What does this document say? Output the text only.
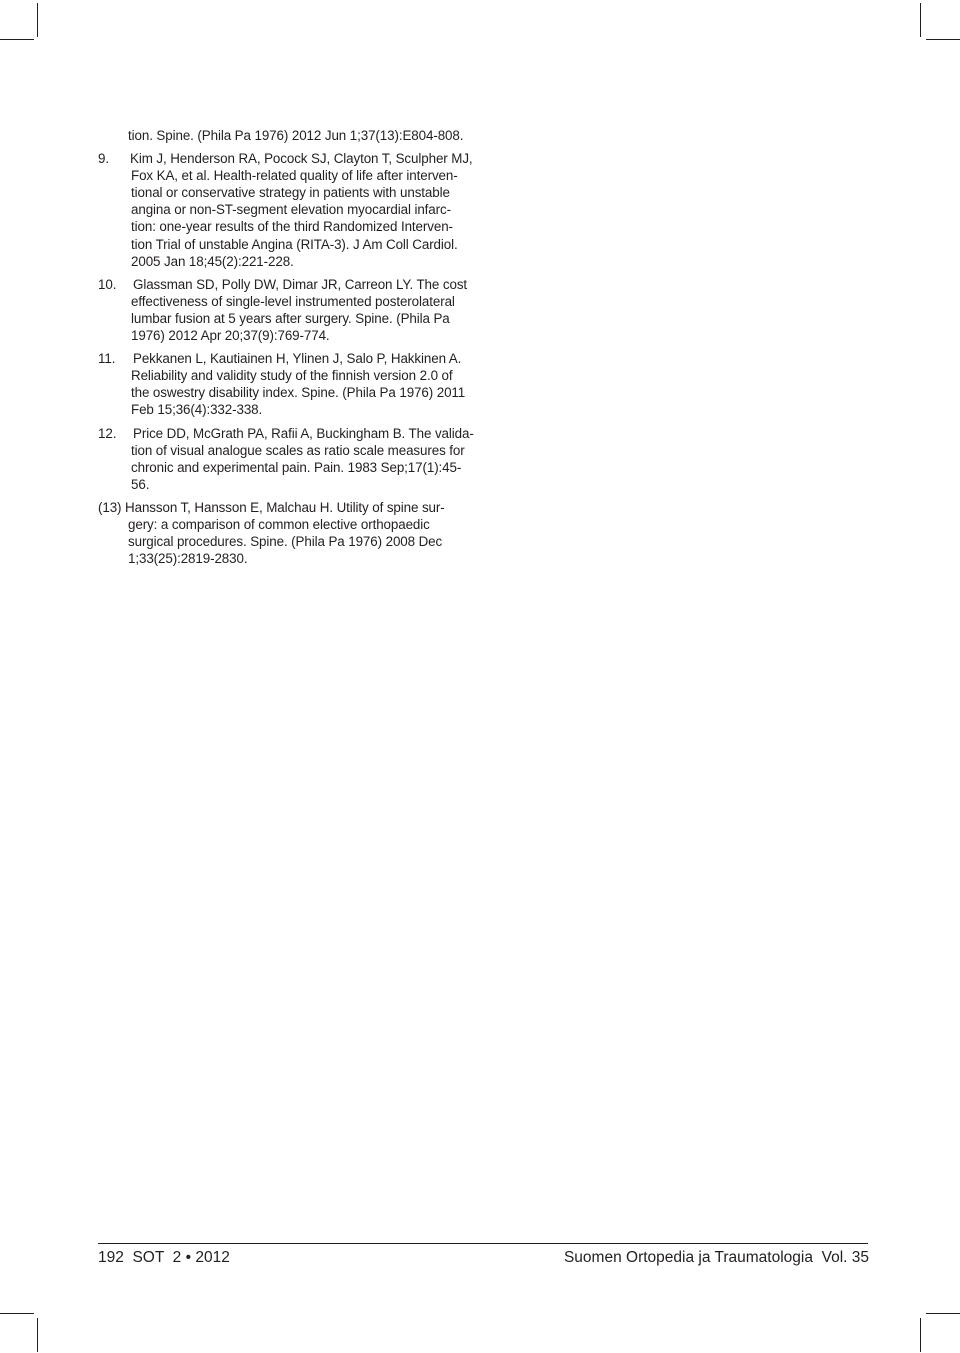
tion. Spine. (Phila Pa 1976) 2012 Jun 1;37(13):E804-808.
9. Kim J, Henderson RA, Pocock SJ, Clayton T, Sculpher MJ,
Fox KA, et al. Health-related quality of life after interven-
tional or conservative strategy in patients with unstable
angina or non-ST-segment elevation myocardial infarc-
tion: one-year results of the third Randomized Interven-
tion Trial of unstable Angina (RITA-3). J Am Coll Cardiol.
2005 Jan 18;45(2):221-228.
10. Glassman SD, Polly DW, Dimar JR, Carreon LY. The cost
effectiveness of single-level instrumented posterolateral
lumbar fusion at 5 years after surgery. Spine. (Phila Pa
1976) 2012 Apr 20;37(9):769-774.
11. Pekkanen L, Kautiainen H, Ylinen J, Salo P, Hakkinen A.
Reliability and validity study of the finnish version 2.0 of
the oswestry disability index. Spine. (Phila Pa 1976) 2011
Feb 15;36(4):332-338.
12. Price DD, McGrath PA, Rafii A, Buckingham B. The valida-
tion of visual analogue scales as ratio scale measures for
chronic and experimental pain. Pain. 1983 Sep;17(1):45-
56.
(13) Hansson T, Hansson E, Malchau H. Utility of spine sur-
gery: a comparison of common elective orthopaedic
surgical procedures. Spine. (Phila Pa 1976) 2008 Dec
1;33(25):2819-2830.
192  SOT  2 • 2012	Suomen Ortopedia ja Traumatologia  Vol. 35
